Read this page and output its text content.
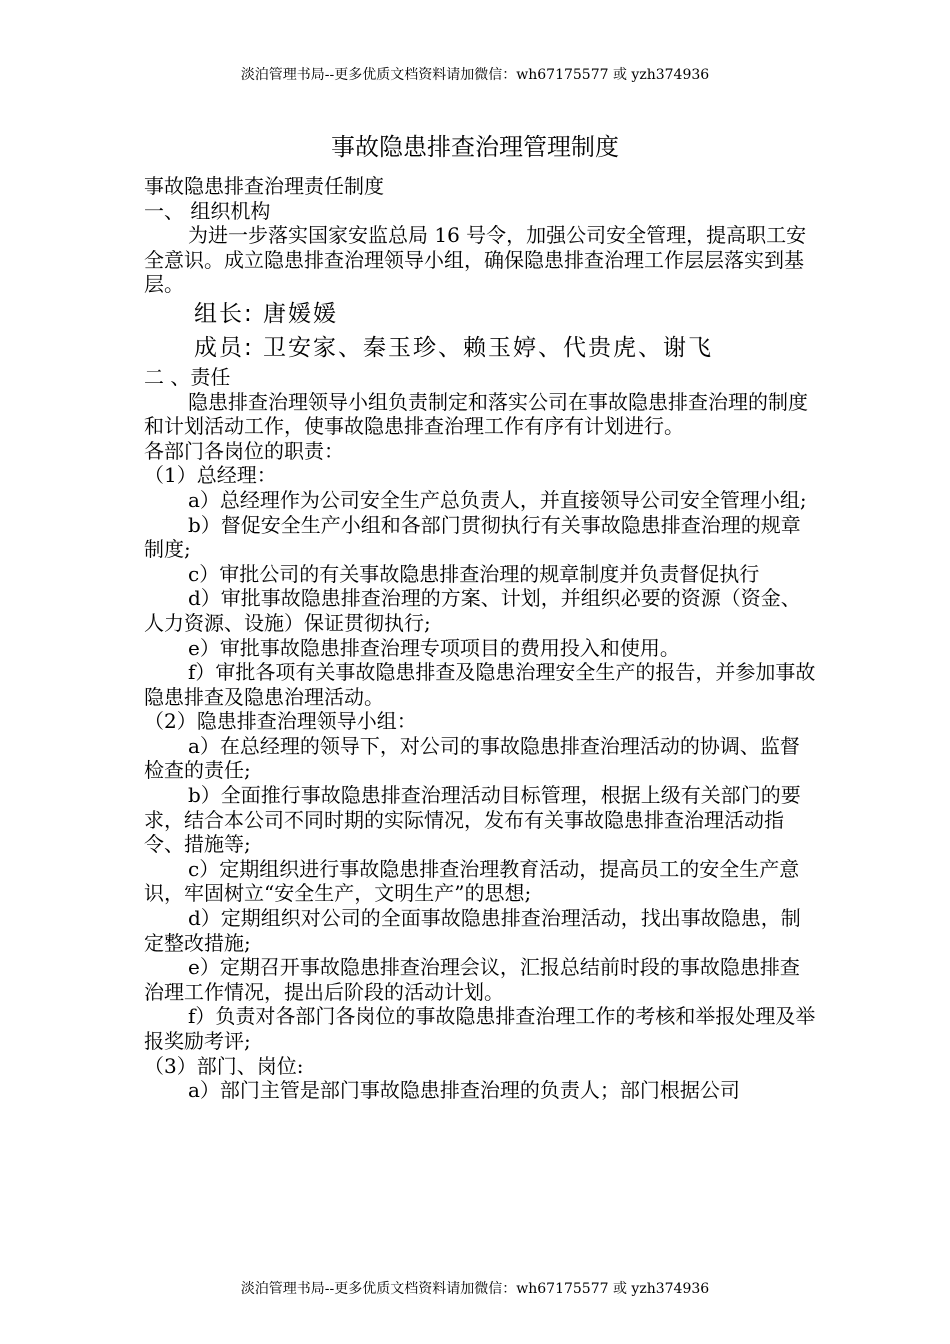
淡泊管理书局--更多优质文档资料请加微信：wh67175577 或 yzh374936
事故隐患排查治理管理制度

事故隐患排查治理责任制度

一、 组织机构

为进一步落实国家安监总局 16 号令，加强公司安全管理，提高职工安全意识。成立隐患排查治理领导小组，确保隐患排查治理工作层层落实到基层。

组长: 唐媛媛

成员: 卫安家、秦玉珍、赖玉婷、代贵虎、谢飞

二 、责任

隐患排查治理领导小组负责制定和落实公司在事故隐患排查治理的制度和计划活动工作，使事故隐患排查治理工作有序有计划进行。

各部门各岗位的职责：

（1）总经理：

a）总经理作为公司安全生产总负责人，并直接领导公司安全管理小组;

b）督促安全生产小组和各部门贯彻执行有关事故隐患排查治理的规章制度;

c）审批公司的有关事故隐患排查治理的规章制度并负责督促执行

d）审批事故隐患排查治理的方案、计划，并组织必要的资源（资金、人力资源、设施）保证贯彻执行;

e）审批事故隐患排查治理专项项目的费用投入和使用。

f）审批各项有关事故隐患排查及隐患治理安全生产的报告，并参加事故隐患排查及隐患治理活动。

（2）隐患排查治理领导小组：

a）在总经理的领导下，对公司的事故隐患排查治理活动的协调、监督检查的责任;

b）全面推行事故隐患排查治理活动目标管理，根据上级有关部门的要求，结合本公司不同时期的实际情况，发布有关事故隐患排查治理活动指令、措施等;

c）定期组织进行事故隐患排查治理教育活动，提高员工的安全生产意识，牢固树立“安全生产，文明生产”的思想;

d）定期组织对公司的全面事故隐患排查治理活动，找出事故隐患，制定整改措施;

e）定期召开事故隐患排查治理会议，汇报总结前时段的事故隐患排查治理工作情况，提出后阶段的活动计划。

f）负责对各部门各岗位的事故隐患排查治理工作的考核和举报处理及举报奖励考评;

（3）部门、岗位:

a）部门主管是部门事故隐患排查治理的负责人；部门根据公司

淡泊管理书局--更多优质文档资料请加微信：wh67175577 或 yzh374936
